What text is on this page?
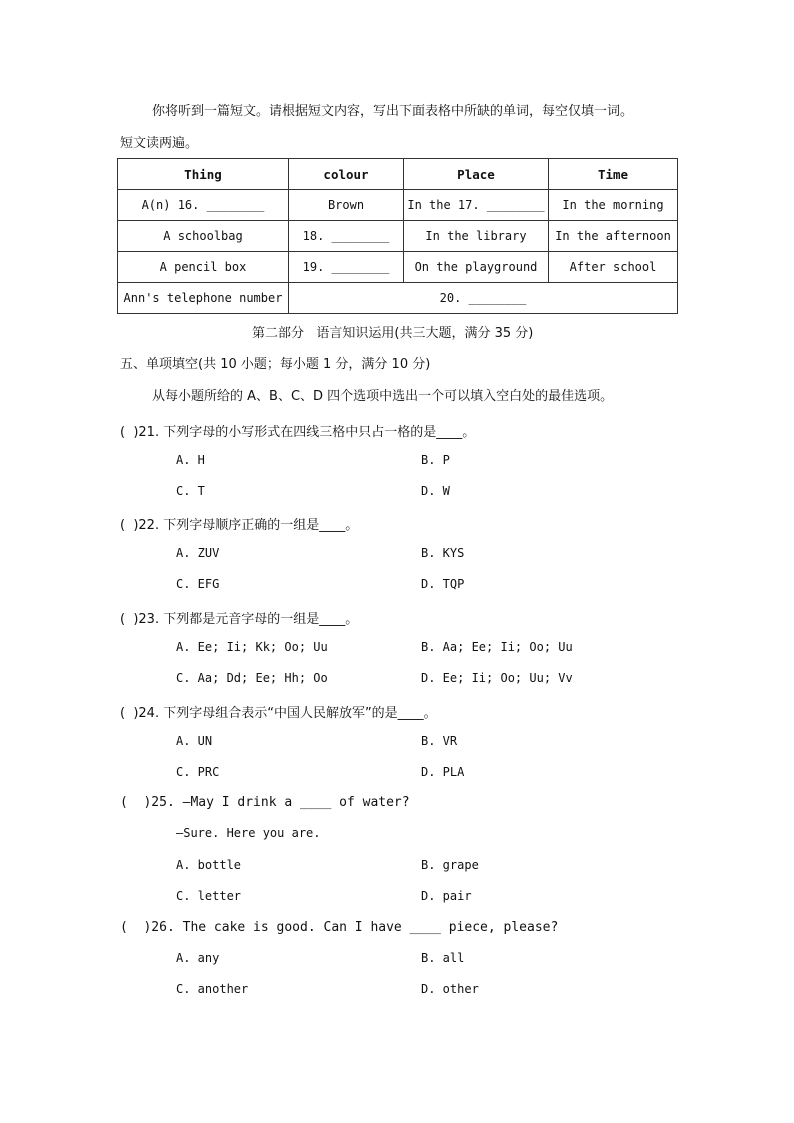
你将听到一篇短文。请根据短文内容，写出下面表格中所缺的单词，每空仅填一词。
短文读两遍。
Thing	colour	Place	Time
A(n) 16. ________	Brown	In the 17. ________	In the morning
A schoolbag	18. ________	In the library	In the afternoon
A pencil box	19. ________	On the playground	After school
Ann's telephone number	20. ________		
第二部分   语言知识运用(共三大题，满分 35 分)
五、单项填空(共 10 小题；每小题 1 分，满分 10 分)
从每小题所给的 A、B、C、D 四个选项中选出一个可以填入空白处的最佳选项。
(  )21. 下列字母的小写形式在四线三格中只占一格的是____。
A. H	B. P
C. T	D. W
(  )22. 下列字母顺序正确的一组是____。
A. ZUV	B. KYS
C. EFG	D. TQP
(  )23. 下列都是元音字母的一组是____。
A. Ee; Ii; Kk; Oo; Uu	B. Aa; Ee; Ii; Oo; Uu
C. Aa; Dd; Ee; Hh; Oo	D. Ee; Ii; Oo; Uu; Vv
(  )24. 下列字母组合表示“中国人民解放军”的是____。
A. UN	B. VR
C. PRC	D. PLA
(  )25. —May I drink a ____ of water?
—Sure. Here you are.
A. bottle	B. grape
C. letter	D. pair
(  )26. The cake is good. Can I have ____ piece, please?
A. any	B. all
C. another	D. other
